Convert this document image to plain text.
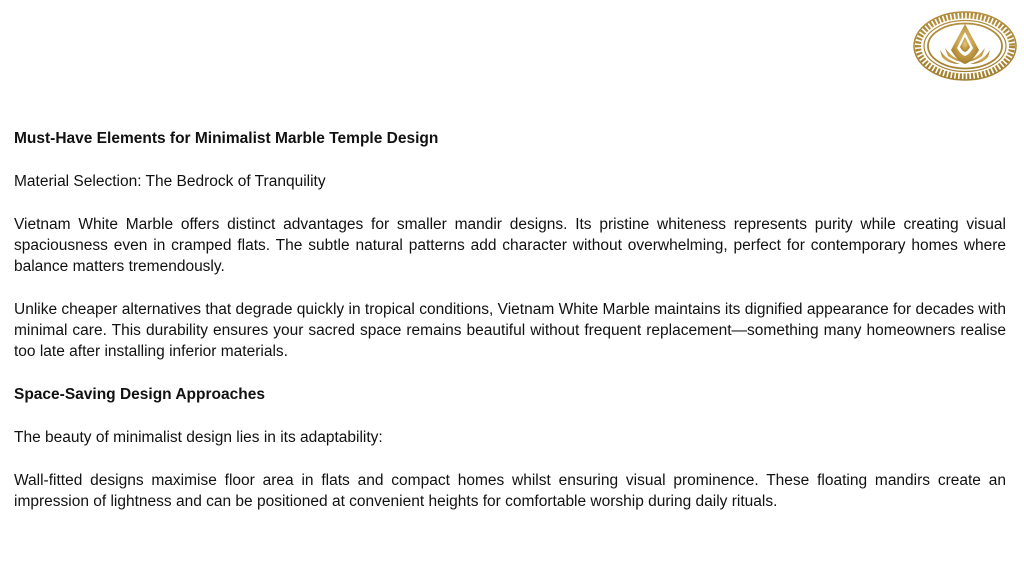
Must-Have Elements for Minimalist Marble Temple Design

Material Selection: The Bedrock of Tranquility

Vietnam White Marble offers distinct advantages for smaller mandir designs. Its pristine whiteness represents purity while creating visual spaciousness even in cramped flats. The subtle natural patterns add character without overwhelming, perfect for contemporary homes where balance matters tremendously.

Unlike cheaper alternatives that degrade quickly in tropical conditions, Vietnam White Marble maintains its dignified appearance for decades with minimal care. This durability ensures your sacred space remains beautiful without frequent replacement—something many homeowners realise too late after installing inferior materials.

Space-Saving Design Approaches

The beauty of minimalist design lies in its adaptability:

Wall-fitted designs maximise floor area in flats and compact homes whilst ensuring visual prominence. These floating mandirs create an impression of lightness and can be positioned at convenient heights for comfortable worship during daily rituals.
